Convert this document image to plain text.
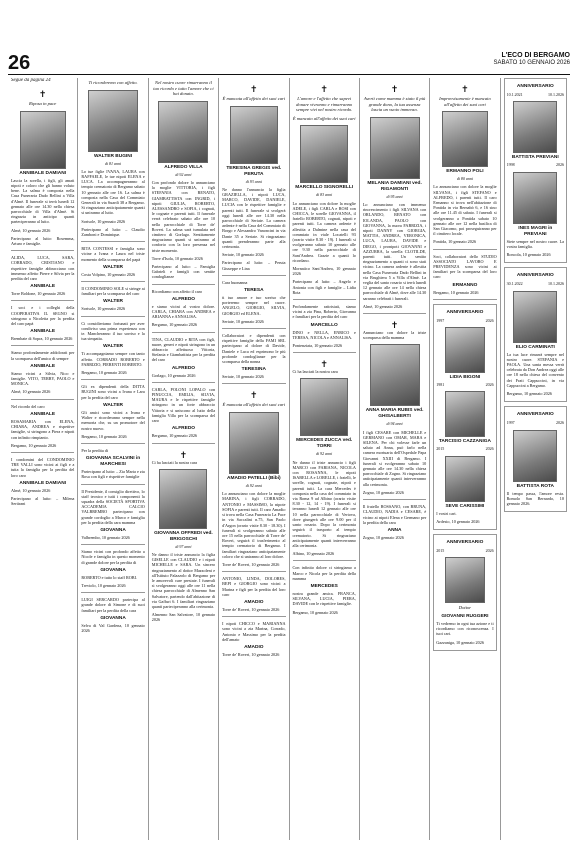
26	L'ECO DI BERGAMO
SABATO 10 GENNAIO 2026
Segue da pagina 24
✝
Riposa in pace
ANNIBALE DAMIANI

Lascia la sorella, i figli, gli amati nipoti e coloro che gli hanno voluto bene. La salma è composta nella Casa Funeraria Dado Bellini a Villa d'Almè. Il funerale si terrà lunedì 12 gennaio alle ore 14.30 nella chiesa parrocchiale di Villa d'Almè. Si ringrazia in anticipo quanti parteciperanno al lutto.

Almè, 10 gennaio 2026

Partecipano al lutto: Rosemma, Arturo e famiglie.

ALIDA, LUCA, SARA, CORRADO, CRISTIANO e rispettive famiglie abbracciano con immenso affetto Pierre e Silvia per la perdita del caro

ANNIBALE

Torre Boldone, 10 gennaio 2026

I soci e i colleghi della COOPERATIVA IL SEGNO si stringono a Nicoletta per la perdita del caro papà

ANNIBALE

Brembate di Sopra, 10 gennaio 2026

Siamo profondamente addolorati per la scomparsa dell'amico di sempre

ANNIBALE

Siamo vicini a Silvia, Nico e famiglie. VITO, TERRY, PAOLO e MONICA.

Almè, 10 gennaio 2026

Nel ricordo del caro

ANNIBALE

ROSAMARIA con ELENA, CHIARA, ANDREA e rispettive famiglie, si stringono a Piera e nipoti con infinito rimpianto.

Bergamo, 10 gennaio 2026

I condomini del CONDOMINIO TRE VALLI sono vicini ai figli e a tutta la famiglia per la perdita del loro caro

ANNIBALE DAMIANI

Almè, 10 gennaio 2026

Partecipano al lutto: – Milena Sertirani

Ti ricorderemo con affetto.
WALTER BUGINI
di 81 anni

Lo tue figlie IVANA, LAURA con RAFFAELE, le tue nipoti ELENA e LUCA. La accompagneranno al tempio crematorio di Bergamo sabato 10 gennaio alle ore 16. La salma è composta nella Casa del Commiato Generali in via Suardi 38 a Bergamo. Si ringraziano anticipatamente quanti si uniranno al lutto.

Sorisole, 10 gennaio 2026

Partecipano al lutto: – Claudio Zamboni e Dominique.

RITA CONTESSI e famiglia sono vicine a Ivana e Laura nel triste momento della scomparsa del papà

WALTER

Costa Volpino, 10 gennaio 2026

Il CONDOMINIO SOLE si stringe ai familiari per la scomparsa del caro

WALTER

Sorisole, 10 gennaio 2026

Ci considieriamo fortunati per aver condiviso una prima esperienza con te. Mancheranno il tuo sorriso e la tua simpatia.

WALTER

Ti accompagniamo sempre con tanto affetto. CORRADO ROBERTO e FABRIZIO, PIERENTI ROBERTO.

Bergamo, 10 gennaio 2026

Gli ex dipendenti della DITTA BUGINI sono vicini a Ivana e Lara per la perdita del caro

WALTER

Gli amici sono vicini a Ivana e Walter e ricorderanno sempre nella memoria che, su un promotore del nostro nuovo.

Bergamo, 10 gennaio 2026

Per la perdita di

GIOVANNA SCALVINI in MARCHESI

Partecipano al lutto: – Zia Maria e zia Rosa con figli e rispettive famiglie

Il Presidente, il consiglio direttivo, lo staff tecnico e tutti i componenti la squadra della SOCIETÀ SPORTIVA ACCADEMIA CALCIO VALBREMBO partecipano con grande cordoglio a Marco e famiglia per la perdita della cara mamma

GIOVANNA

Valbrembo, 10 gennaio 2026

Siamo vicini con profondo affetto a Nicole e famiglia in questo momento di grande dolore per la perdita di

GIOVANNA

ROBERTO e tutto lo staff ROBI.

Treviolo, 10 gennaio 2026

LUIGI SERCARDO partecipa al grande dolore di Simone e di suoi familiari per la perdita della cara

GIOVANNA

Selva di Val Gardena, 10 gennaio 2026

Nel nostro cuore rimarranno il tuo ricordo e tutto l'amore che ci hai donato.
ALFREDO VILLA
di 92 anni

Con profondo dolore lo annunciano la moglie VITTORIA, i figli STEFANIA con RENATO, GIAMBATTISTA con INGRID, i nipoti GIULIA, ROBERTO, ALESSANDRO e SOFIA, i cognati, le cognate e parenti tutti. Il funerale verrà celebrato sabato alle ore 10 nella parrocchiale di Torre de' Roveri. La salma sarà tumulata nel cimitero di Gorlago. Sentitamente ringraziamo quanti si uniranno al conforto con la loro presenza nel triste momento.

Torre d'Isola, 10 gennaio 2026

Partecipano al lutto: – Famiglia Gabrieli e famigli con sentite condoglianze

Ricordiamo con affetto il caro

ALFREDO

e siamo vicini al vostro dolore. CARLA, CHIARA con ANDREA e ARIANNA e ANNALISA.

Bergamo, 10 gennaio 2026

TINA, CLAUDIO e RITA con figli, nuore, generi e nipoti stringono in un abbraccio affettuoso Vittoria, Stefania e Giambattista per la perdita del caro

ALFREDO

Gorlago, 10 gennaio 2026

CARLA, POLONI LOPALO con PINUCCIA, EMILIA, SILVIA, MAURA e le rispettive famiglie stringono in un forte abbraccio Vittoria e si uniscono al lutto della famiglia Villa per la scomparsa del caro

ALFREDO

Bergamo, 10 gennaio 2026

✝

Ci ha lasciati la nostra cara

GIOVANNA OFFREDI ved. BRIGOSCHI
di 97 anni

Ne danno il triste annuncio la figlia GISELLE con CLAUDIO e i nipoti MICHELLE e SARA. Un sincero ringraziamento al dottor Mazzoleni e all'Istituto Palazzolo di Bergamo per le amorevoli cure prestate. I funerali si svolgeranno oggi alle ore 11 nella chiesa parrocchiale di Almenno San Salvatore, partendo dall'abitazione di via Gaffuri 6. I familiari ringraziano quanti parteciperanno alla cerimonia.

Almenno San Salvatore, 10 gennaio 2026

✝
È mancata all'affetto dei suoi cari
TERESINA GREGIS ved. PERUTA
di 93 anni

Ne danno l'annuncio la figlia GRAZIELLA, i nipoti LUCA, MARCO, DAVIDE, DANIELE, LUCIA con le rispettive famiglie e parenti tutti. Il funerale si svolgerà oggi lunedì alle ore 14.30 nella parrocchiale di Seriate. La camera ardente è nella Casa del Commiato di Borgo e Alessandro Vanoncini in via Dante 35 a Seriate. Si ringraziano quanti prenderanno parte alla cerimonia.

Seriate, 10 gennaio 2026

Partecipano al lutto: – Peruta Giuseppe e Lina

Cara buonanna

TERESA

ti tuo amore e tuo sorriso che porteremo sempre nel cuore. ANGELO, GIORGIO, SILVIA, GIORGIO ed ELENA.

Seriate, 10 gennaio 2026

Collaboratori e dipendenti con rispettive famiglie della FAMI SRL partecipano al dolore di Davide, Daniele e Luca ed esprimono le più profonde condoglianze per la scomparsa della nonna

TERESINA

Seriate, 10 gennaio 2026

✝
È mancata all'affetto dei suoi cari
AMADIO PATELLI (Bibi)
di 92 anni

Lo annunciano con dolore la moglie MARINA, i figli CORRADO, ANTONIO e MASSIMO, la nipote SOFIA e parenti tutti. Il caro Amadio si trova nella Casa Funeraria La Pace in via Saccalini n.75, San Paolo d'Argon (orario visite 8.30 - 18.30). I funerali si svolgeranno sabato alle ore 15 nella parrocchiale di Torre de' Roveri, seguirà il trasferimento al tempio crematorio di Bergamo. I familiari ringraziano anticipatamente coloro che si uniranno al loro dolore.

Torre de' Roveri, 10 gennaio 2026

ANTONIO, LINDA, DOLORES, BEPI e GIORGIO sono vicini a Marina e figli per la perdita del loro caro

AMADIO

Torre de' Roveri, 10 gennaio 2026

I nipoti CHICCO e MARIANNA sono vicini a zia Marina, Corrado, Antonio e Massimo per la perdita dell'amato

AMADIO

Torre de' Roveri, 10 gennaio 2026

✝
L'amore e l'affetto che sapevi donare vivranno e rimarranno sempre vivi nel nostro ricordo.
È mancato all'affetto dei suoi cari
MARCELLO SIGNORELLI
di 83 anni

Lo annunciano con dolore la moglie ADELE, i figli CARLA e ROSI con CHICCA, le sorelle GIOVANNA, il fratello ROBERTO, cognati, nipoti e parenti tutti. La camera ardente è allestita a Dalmine nella casa del commiato in viale Locatelli 93 (orario visite 8.30 - 19). I funerali si svolgeranno sabato 10 gennaio alle ore 9.30 nella parrocchiale di Sant'Andrea. Grazie a quanti lo ricordano.

Mornatico Sant'Andrea, 10 gennaio 2026

Partecipano al lutto: – Angelo e Antonia con figli e famiglie – Lidia Rota

Profondamente rattristati, siamo vicini a zia Pina, Roberto, Giovanna e familiari per la perdita del caro

MARCELLO

DINO e NELLA, ENRICO e TERESA, NICOLA e ANNALISA.

Pontenziata, 10 gennaio 2026

✝

Ci ha lasciati la nostra cara

MERCEDES ZUCCA ved. TORRI
di 92 anni

Ne danno il triste annuncio i figli MARCO con FABIANA, NICOLA con ROSANNA, le nipoti ISABELLA e LORELLE, i fratelli, le sorelle, cognati, cognate, nipoti e parenti tutti. La cara Mercedes è composta nella casa del commiato in via Roma 9 ad Albino (orario visite 8.30 - 12, 14 - 19). I funerali si terranno lunedì 12 gennaio alle ore 10 nella parrocchiale di Vertova, dove giungerà alle ore 9.00 per il santo rosario. Dopo la cerimonia seguirà il trasporto al tempio crematorio. Si ringraziano anticipatamente quanti interverranno alla cerimonia.

Albino, 10 gennaio 2026

Con infinito dolore ci stringiamo a Marco e Nicola per la perdita della mamma

MERCEDES

nostra grande amica. FRANCA, SILVANA, LUCIA, PIERA, DAVIDE con le rispettive famiglie.

Bergamo, 10 gennaio 2026

✝
Averti come mamma è stato il più grande dono, la tua assenza lascia un vuoto immenso.
MELANIA DAMIANI ved. RIGAMONTI
di 95 anni

Lo annunciano con immenso rincrescimento i figli SILVANA con ORLANDO, RENATO con IOLANDA, PAOLO con GIOVANNA, la nuora FABRIZIA, i nipoti DANNY con GIORGIA, MATTIA, ANDREA, VERONICA, LUCA, LAURA, DAVIDE e DIEGO, i pronipoti GIOVANNI e AZZURRA, la sorella CLOTILDE, parenti tutti. Un sentito ringraziamento a quanti ci sono stati vicino. La camera ardente è allestita nella Casa Funeraria Dado Bellini in via Brughiera 5 a Villa d'Almè. La veglia del santo rosario si terrà lunedì 12 gennaio alle ore 14 nella chiesa parrocchiale di Almè, dove alle 14.30 saranno celebrati i funerali.

Almè, 10 gennaio 2026

✝

Annunciano con dolore la triste scomparsa della mamma

ANNA MARIA RUBIS ved. GHISALBERTI
di 94 anni

I figli CESARE con MICHELLE e GERMANO con OMAR, MARA e SILENA. Per chi volesse farle un saluto ad Anna, può farlo nella camera mortuaria dell'Ospedale Papa Giovanni XXIII di Bergamo. I funerali si svolgeranno sabato 10 gennaio alle ore 14.30 nella chiesa parrocchiale di Zogno. Si ringraziano anticipatamente quanti interverranno alla cerimonia.

Zogno, 10 gennaio 2026

Il fratello ROSSANO, con BRUNA, CLAUDIO, NADIA e CESARE, è vicino ai nipoti Elena e Germano per la perdita della cara

ANNA

Zogno, 10 gennaio 2026

✝
Improvvisamente è mancato all'affetto dei suoi cari
ERMANNO POLI
di 80 anni

Lo annunciano con dolore la moglie SILVANA, i figli STEFANO e ALFREDO, i parenti tutti. Il caro Ermanno si trova nell'abitazione di Pontida in via Bernabò 6, e 16 sino alle ore 11.45 di sabato. I funerali si svolgeranno a Pontida sabato 10 gennaio alle ore 12 nella basilica di San Giacomo, poi proseguiranno per il cimitero locale.

Pontida, 10 gennaio 2026

Soci, collaboratori dello STUDIO ASSOCIATO LAVORO E PREVIDENZA sono vicini ai familiari per la scomparsa del loro caro

ERMANNO

Bergamo, 10 gennaio 2026

ANNIVERSARIO
1997	2026
LIDIA BIGONI
1981	2026
TARCISIO CAZZANIGA
2015	2026
SEVE CARISSIMI

I vostri cari.

Ardesio, 10 gennaio 2026

ANNIVERSARIO
2015	2026
Dottor
GIOVANNI RUGGERI

Ti vedremo in ogni tua azione e ti ricordiamo con riconoscenza. I tuoi cari.

Gazzaniga, 10 gennaio 2026

ANNIVERSARIO
10.1.2021	10.1.2026
BATTISTA PREVIANI
1998	2026
INES MAGRI in PREVIANI

Siete sempre nel nostro cuore. La vostra famiglia.

Roncola, 10 gennaio 2026

ANNIVERSARIO
30.1.2022	10.1.2026
ELIO CARMINATI

La tua luce rimarrà sempre nel nostro cuore. STEFANIA e PAOLA. Una santa messa verrà celebrata da Don Andrea oggi alle ore 18 nella chiesa del convento dei Frati Cappuccini, in via Cappuccini a Bergamo.

Bergamo, 10 gennaio 2026

ANNIVERSARIO
1997	2026
BATTISTA ROTA

Il tempo passa, l'amore resta. Romolo San Bernardo, 10 gennaio 2026.
